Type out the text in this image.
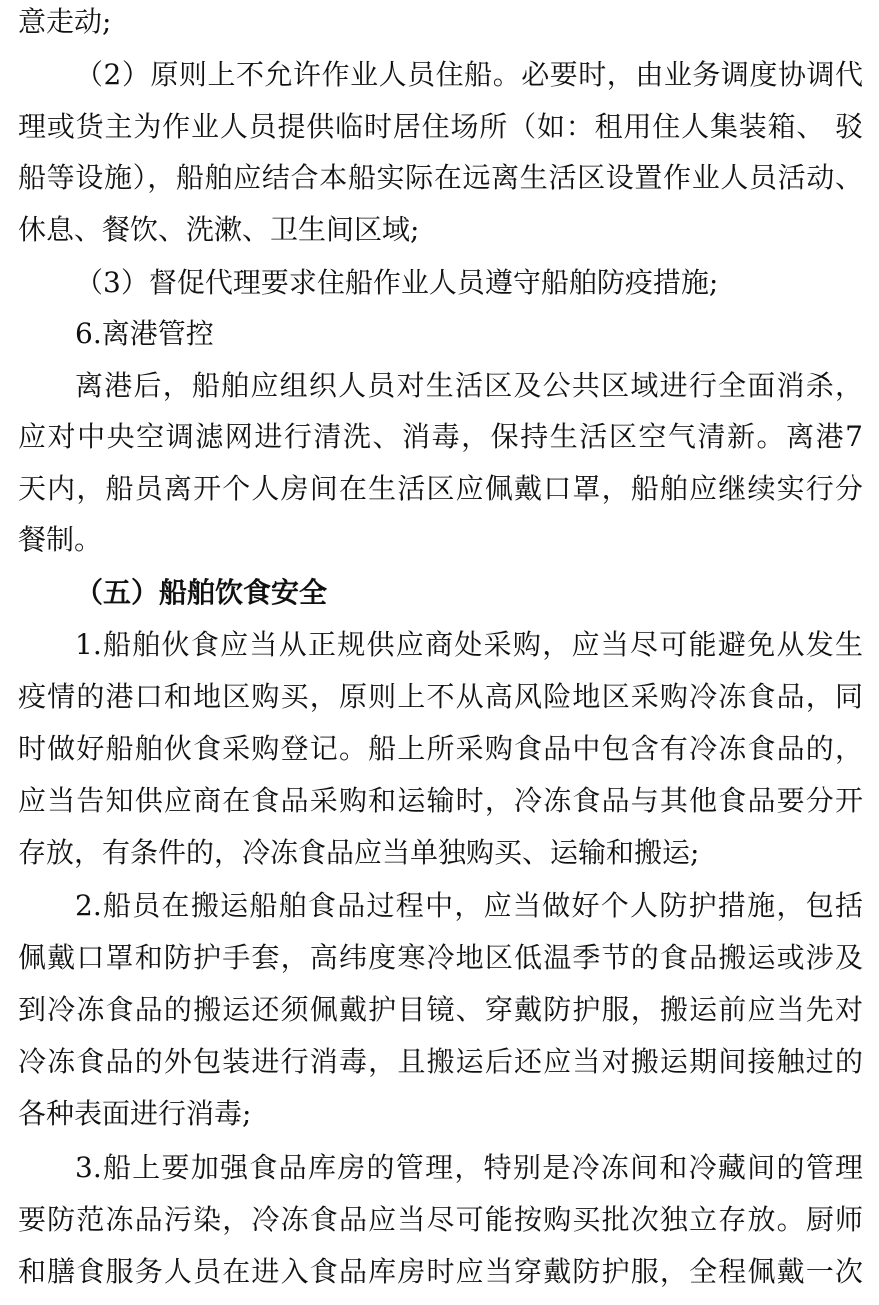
意走动;
（2）原则上不允许作业人员住船。必要时，由业务调度协调代
理或货主为作业人员提供临时居住场所（如：租用住人集装箱、 驳
船等设施），船舶应结合本船实际在远离生活区设置作业人员活动、
休息、餐饮、洗漱、卫生间区域;
（3）督促代理要求住船作业人员遵守船舶防疫措施;
6.离港管控
离港后，船舶应组织人员对生活区及公共区域进行全面消杀，
应对中央空调滤网进行清洗、消毒，保持生活区空气清新。离港7
天内，船员离开个人房间在生活区应佩戴口罩，船舶应继续实行分
餐制。
（五）船舶饮食安全
1.船舶伙食应当从正规供应商处采购，应当尽可能避免从发生
疫情的港口和地区购买，原则上不从高风险地区采购冷冻食品，同
时做好船舶伙食采购登记。船上所采购食品中包含有冷冻食品的，
应当告知供应商在食品采购和运输时，冷冻食品与其他食品要分开
存放，有条件的，冷冻食品应当单独购买、运输和搬运;
2.船员在搬运船舶食品过程中，应当做好个人防护措施，包括
佩戴口罩和防护手套，高纬度寒冷地区低温季节的食品搬运或涉及
到冷冻食品的搬运还须佩戴护目镜、穿戴防护服，搬运前应当先对
冷冻食品的外包装进行消毒，且搬运后还应当对搬运期间接触过的
各种表面进行消毒;
3.船上要加强食品库房的管理，特别是冷冻间和冷藏间的管理
要防范冻品污染，冷冻食品应当尽可能按购买批次独立存放。厨师
和膳食服务人员在进入食品库房时应当穿戴防护服，全程佩戴一次
